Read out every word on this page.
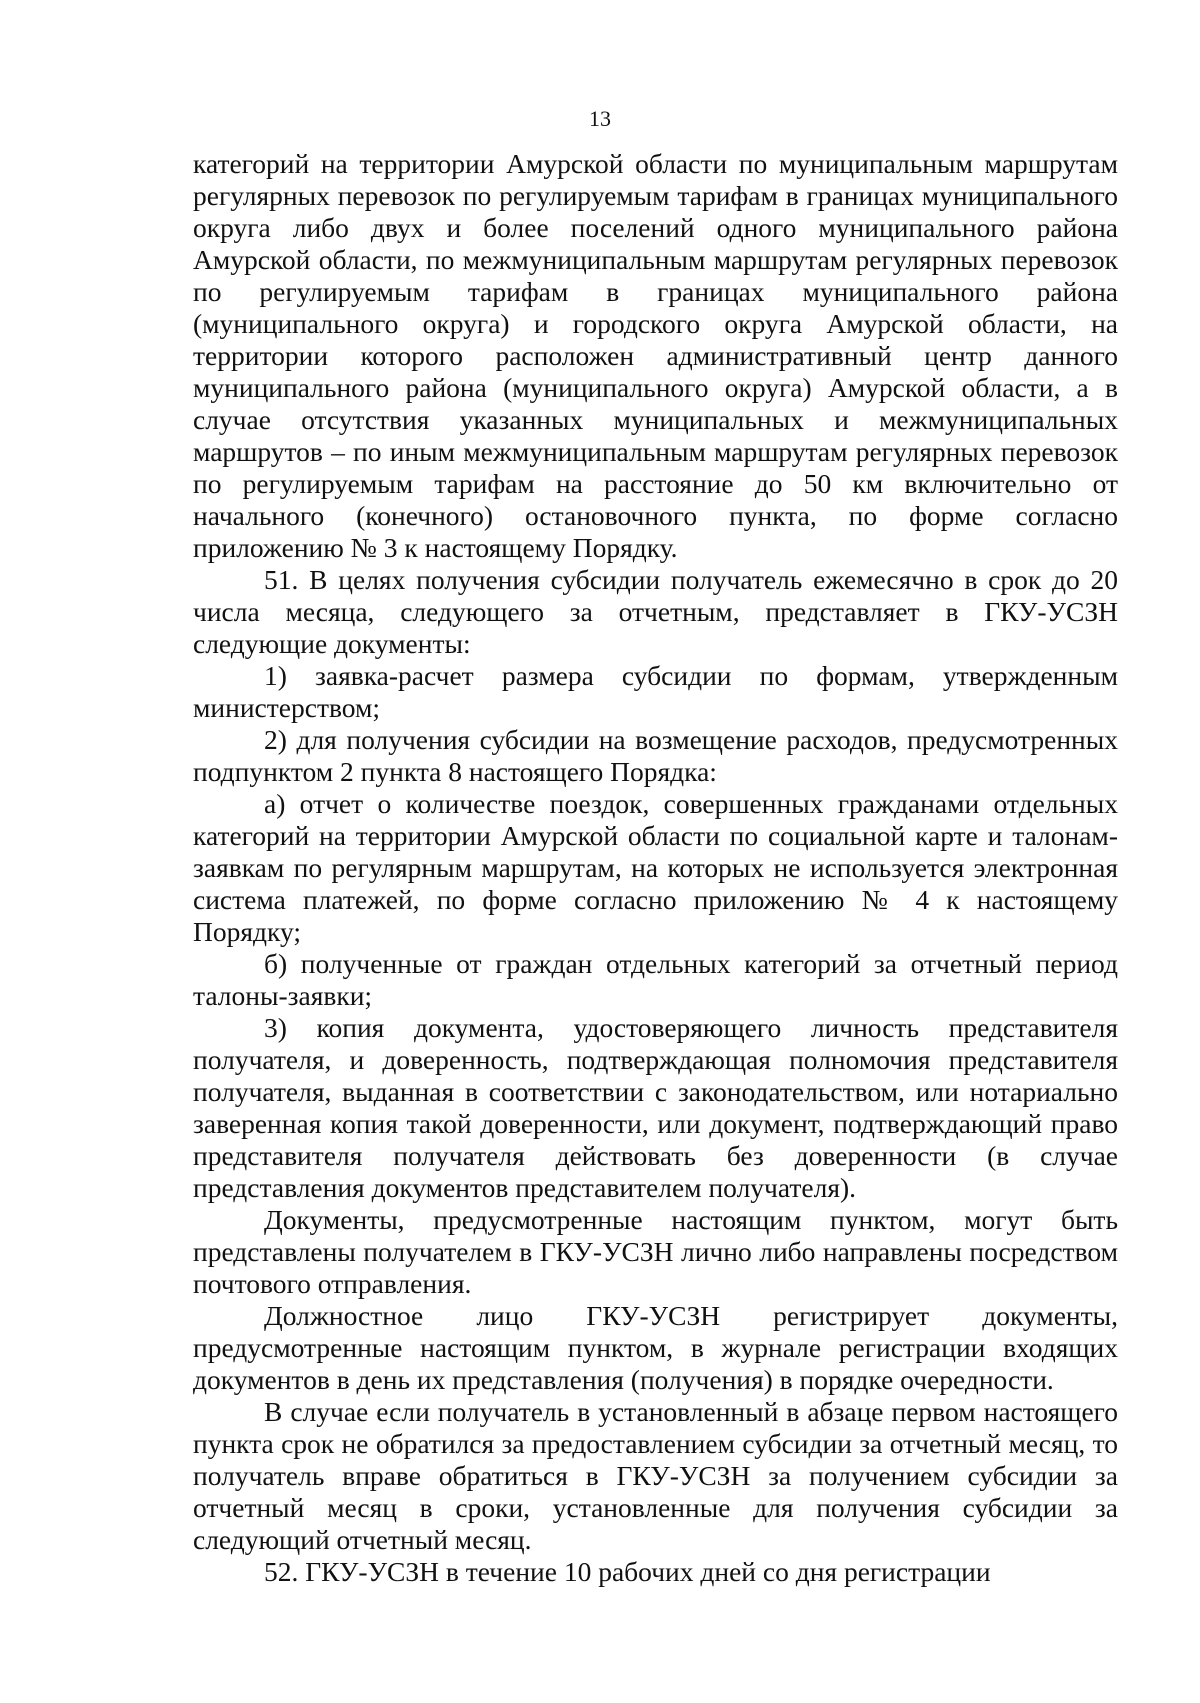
13

категорий на территории Амурской области по муниципальным маршрутам регулярных перевозок по регулируемым тарифам в границах муниципального округа либо двух и более поселений одного муниципального района Амурской области, по межмуниципальным маршрутам регулярных перевозок по регулируемым тарифам в границах муниципального района (муниципального округа) и городского округа Амурской области, на территории которого расположен административный центр данного муниципального района (муниципального округа) Амурской области, а в случае отсутствия указанных муниципальных и межмуниципальных маршрутов – по иным межмуниципальным маршрутам регулярных перевозок по регулируемым тарифам на расстояние до 50 км включительно от начального (конечного) остановочного пункта, по форме согласно приложению № 3 к настоящему Порядку.

51. В целях получения субсидии получатель ежемесячно в срок до 20 числа месяца, следующего за отчетным, представляет в ГКУ-УСЗН следующие документы:

1) заявка-расчет размера субсидии по формам, утвержденным министерством;

2) для получения субсидии на возмещение расходов, предусмотренных подпунктом 2 пункта 8 настоящего Порядка:

а) отчет о количестве поездок, совершенных гражданами отдельных категорий на территории Амурской области по социальной карте и талонам-заявкам по регулярным маршрутам, на которых не используется электронная система платежей, по форме согласно приложению № 4 к настоящему Порядку;

б) полученные от граждан отдельных категорий за отчетный период талоны-заявки;

3) копия документа, удостоверяющего личность представителя получателя, и доверенность, подтверждающая полномочия представителя получателя, выданная в соответствии с законодательством, или нотариально заверенная копия такой доверенности, или документ, подтверждающий право представителя получателя действовать без доверенности (в случае представления документов представителем получателя).

Документы, предусмотренные настоящим пунктом, могут быть представлены получателем в ГКУ-УСЗН лично либо направлены посредством почтового отправления.

Должностное лицо ГКУ-УСЗН регистрирует документы, предусмотренные настоящим пунктом, в журнале регистрации входящих документов в день их представления (получения) в порядке очередности.

В случае если получатель в установленный в абзаце первом настоящего пункта срок не обратился за предоставлением субсидии за отчетный месяц, то получатель вправе обратиться в ГКУ-УСЗН за получением субсидии за отчетный месяц в сроки, установленные для получения субсидии за следующий отчетный месяц.

52. ГКУ-УСЗН в течение 10 рабочих дней со дня регистрации
